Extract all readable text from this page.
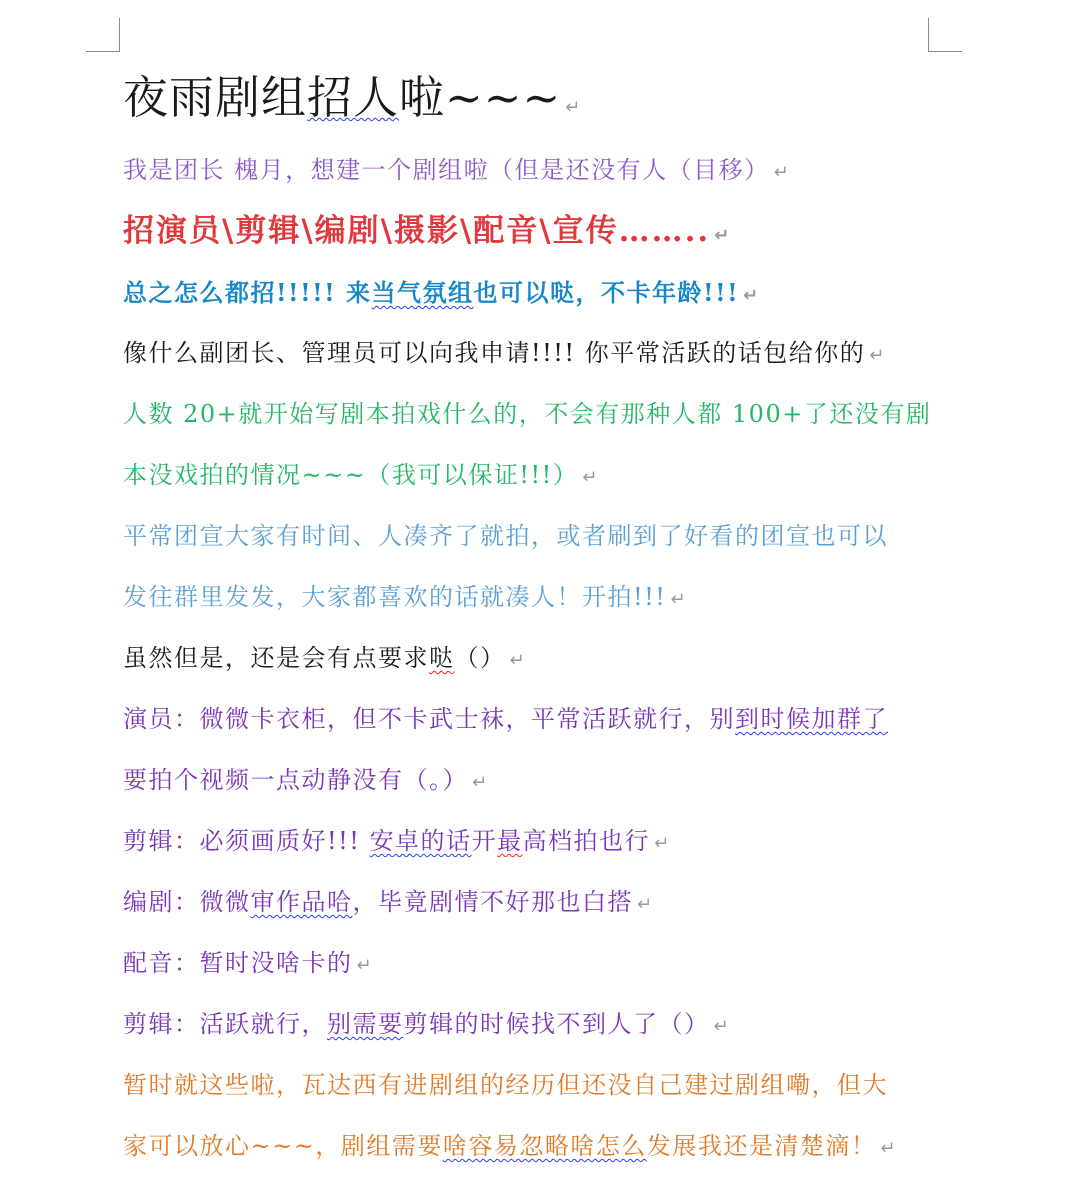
夜雨剧组招人啦~~~ ↵
我是团长 槐月，想建一个剧组啦（但是还没有人（目移） ↵
招演员\剪辑\编剧\摄影\配音\宣传…….. ↵
总之怎么都招!!!!! 来当气氛组也可以哒，不卡年龄!!! ↵
像什么副团长、管理员可以向我申请!!!! 你平常活跃的话包给你的 ↵
人数 20+就开始写剧本拍戏什么的，不会有那种人都 100+了还没有剧
本没戏拍的情况~~~（我可以保证!!!） ↵
平常团宣大家有时间、人凑齐了就拍，或者刷到了好看的团宣也可以
发往群里发发，大家都喜欢的话就凑人！开拍!!! ↵
虽然但是，还是会有点要求哒（） ↵
演员：微微卡衣柜，但不卡武士袜，平常活跃就行，别到时候加群了
要拍个视频一点动静没有（。） ↵
剪辑：必须画质好!!! 安卓的话开最高档拍也行 ↵
编剧：微微审作品哈，毕竟剧情不好那也白搭 ↵
配音：暂时没啥卡的 ↵
剪辑：活跃就行，别需要剪辑的时候找不到人了（） ↵
暂时就这些啦，瓦达西有进剧组的经历但还没自己建过剧组嘞，但大
家可以放心~~~，剧组需要啥容易忽略啥怎么发展我还是清楚滴！ ↵
